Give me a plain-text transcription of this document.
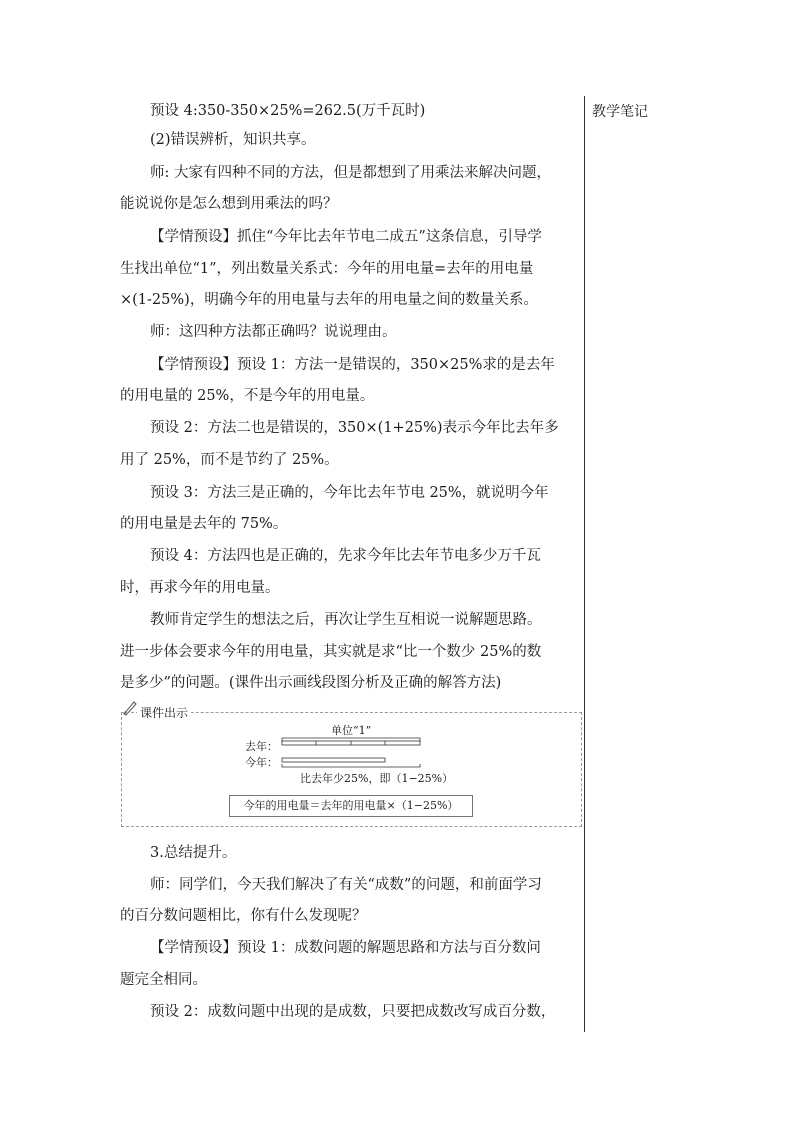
教学笔记
预设 4:350-350×25%=262.5(万千瓦时)
(2)错误辨析，知识共享。
师: 大家有四种不同的方法，但是都想到了用乘法来解决问题，
能说说你是怎么想到用乘法的吗？
【学情预设】抓住“今年比去年节电二成五”这条信息，引导学
生找出单位“1”，列出数量关系式：今年的用电量=去年的用电量
×(1-25%)，明确今年的用电量与去年的用电量之间的数量关系。
师：这四种方法都正确吗？说说理由。
【学情预设】预设 1：方法一是错误的，350×25%求的是去年
的用电量的 25%，不是今年的用电量。
预设 2：方法二也是错误的，350×(1+25%)表示今年比去年多
用了 25%，而不是节约了 25%。
预设 3：方法三是正确的，今年比去年节电 25%，就说明今年
的用电量是去年的 75%。
预设 4：方法四也是正确的，先求今年比去年节电多少万千瓦
时，再求今年的用电量。
教师肯定学生的想法之后，再次让学生互相说一说解题思路。
进一步体会要求今年的用电量，其实就是求“比一个数少 25%的数
是多少”的问题。(课件出示画线段图分析及正确的解答方法)
课件出示
单位“1”
去年：
今年：
比去年少25%，即（1−25%）
今年的用电量＝去年的用电量×（1−25%）
3.总结提升。
师：同学们，今天我们解决了有关“成数”的问题，和前面学习
的百分数问题相比，你有什么发现呢？
【学情预设】预设 1：成数问题的解题思路和方法与百分数问
题完全相同。
预设 2：成数问题中出现的是成数，只要把成数改写成百分数，
